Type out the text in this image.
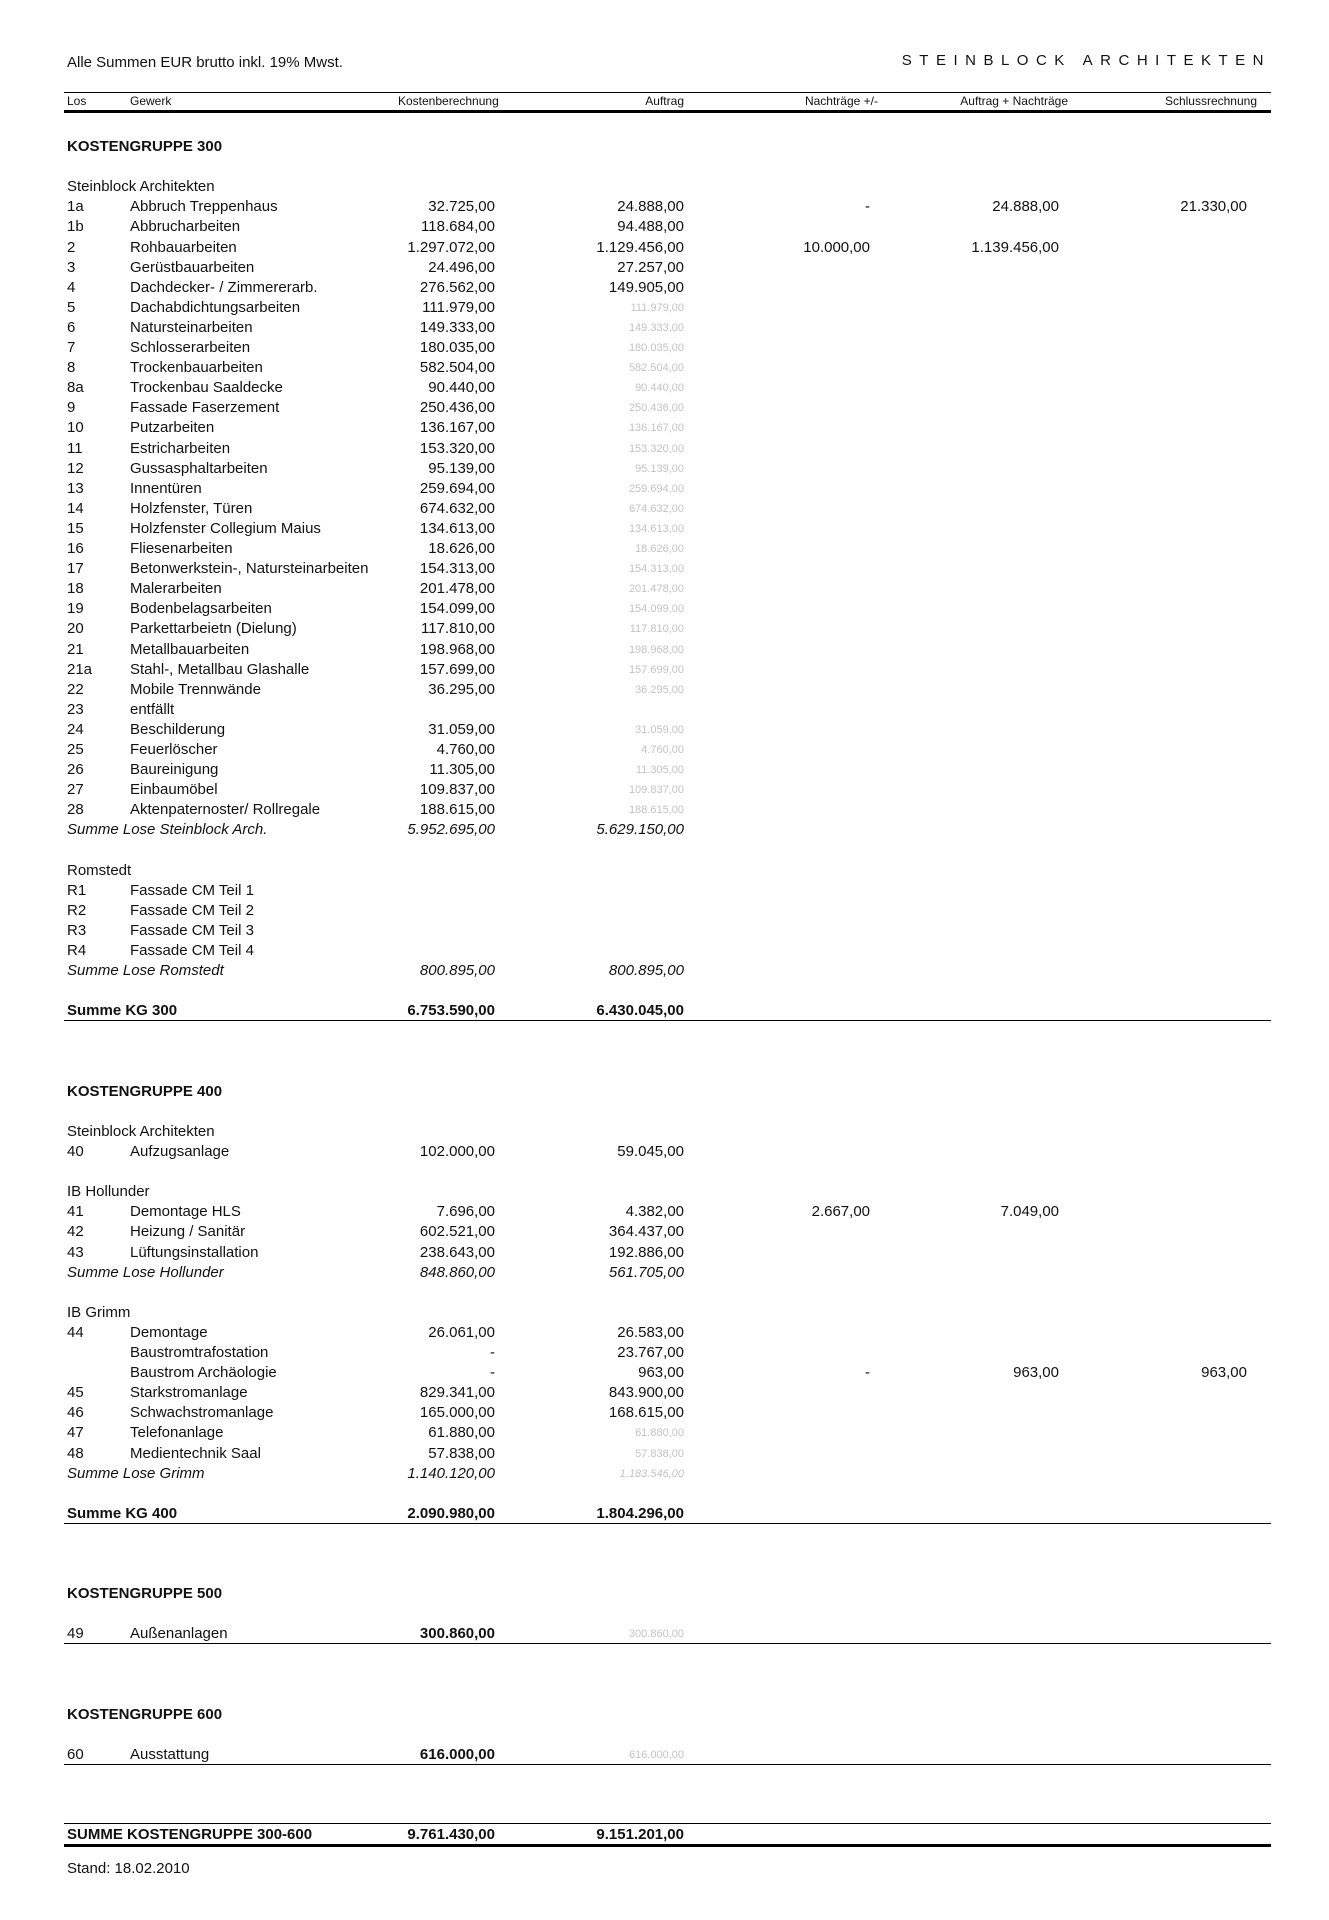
Alle Summen EUR brutto inkl. 19% Mwst.	STEINBLOCK ARCHITEKTEN
Los	Gewerk	Kostenberechnung	Auftrag	Nachträge +/-	Auftrag + Nachträge	Schlussrechnung
KOSTENGRUPPE 300
Steinblock Architekten
1a	Abbruch Treppenhaus	32.725,00	24.888,00	-	24.888,00	21.330,00
1b	Abbrucharbeiten	118.684,00	94.488,00
2	Rohbauarbeiten	1.297.072,00	1.129.456,00	10.000,00	1.139.456,00
3	Gerüstbauarbeiten	24.496,00	27.257,00
4	Dachdecker- / Zimmererarb.	276.562,00	149.905,00
5	Dachabdichtungsarbeiten	111.979,00	111.979,00
6	Natursteinarbeiten	149.333,00	149.333,00
7	Schlosserarbeiten	180.035,00	180.035,00
8	Trockenbauarbeiten	582.504,00	582.504,00
8a	Trockenbau Saaldecke	90.440,00	90.440,00
9	Fassade Faserzement	250.436,00	250.436,00
10	Putzarbeiten	136.167,00	136.167,00
11	Estricharbeiten	153.320,00	153.320,00
12	Gussasphaltarbeiten	95.139,00	95.139,00
13	Innentüren	259.694,00	259.694,00
14	Holzfenster, Türen	674.632,00	674.632,00
15	Holzfenster Collegium Maius	134.613,00	134.613,00
16	Fliesenarbeiten	18.626,00	18.626,00
17	Betonwerkstein-, Natursteinarbeiten	154.313,00	154.313,00
18	Malerarbeiten	201.478,00	201.478,00
19	Bodenbelagsarbeiten	154.099,00	154.099,00
20	Parkettarbeietn (Dielung)	117.810,00	117.810,00
21	Metallbauarbeiten	198.968,00	198.968,00
21a	Stahl-, Metallbau Glashalle	157.699,00	157.699,00
22	Mobile Trennwände	36.295,00	36.295,00
23	entfällt
24	Beschilderung	31.059,00	31.059,00
25	Feuerlöscher	4.760,00	4.760,00
26	Baureinigung	11.305,00	11.305,00
27	Einbaumöbel	109.837,00	109.837,00
28	Aktenpaternoster/ Rollregale	188.615,00	188.615,00
Summe Lose Steinblock Arch.	5.952.695,00	5.629.150,00
Romstedt
R1	Fassade CM Teil 1
R2	Fassade CM Teil 2
R3	Fassade CM Teil 3
R4	Fassade CM Teil 4
Summe Lose Romstedt	800.895,00	800.895,00
Summe KG 300	6.753.590,00	6.430.045,00
KOSTENGRUPPE 400
Steinblock Architekten
40	Aufzugsanlage	102.000,00	59.045,00
IB Hollunder
41	Demontage HLS	7.696,00	4.382,00	2.667,00	7.049,00
42	Heizung / Sanitär	602.521,00	364.437,00
43	Lüftungsinstallation	238.643,00	192.886,00
Summe Lose Hollunder	848.860,00	561.705,00
IB Grimm
44	Demontage	26.061,00	26.583,00
Baustromtrafostation	-	23.767,00
Baustrom Archäologie	-	963,00	-	963,00	963,00
45	Starkstromanlage	829.341,00	843.900,00
46	Schwachstromanlage	165.000,00	168.615,00
47	Telefonanlage	61.880,00	61.880,00
48	Medientechnik Saal	57.838,00	57.838,00
Summe Lose Grimm	1.140.120,00	1.183.546,00
Summe KG 400	2.090.980,00	1.804.296,00
KOSTENGRUPPE 500
49	Außenanlagen	300.860,00	300.860,00
KOSTENGRUPPE 600
60	Ausstattung	616.000,00	616.000,00
SUMME KOSTENGRUPPE 300-600	9.761.430,00	9.151.201,00
Stand: 18.02.2010
